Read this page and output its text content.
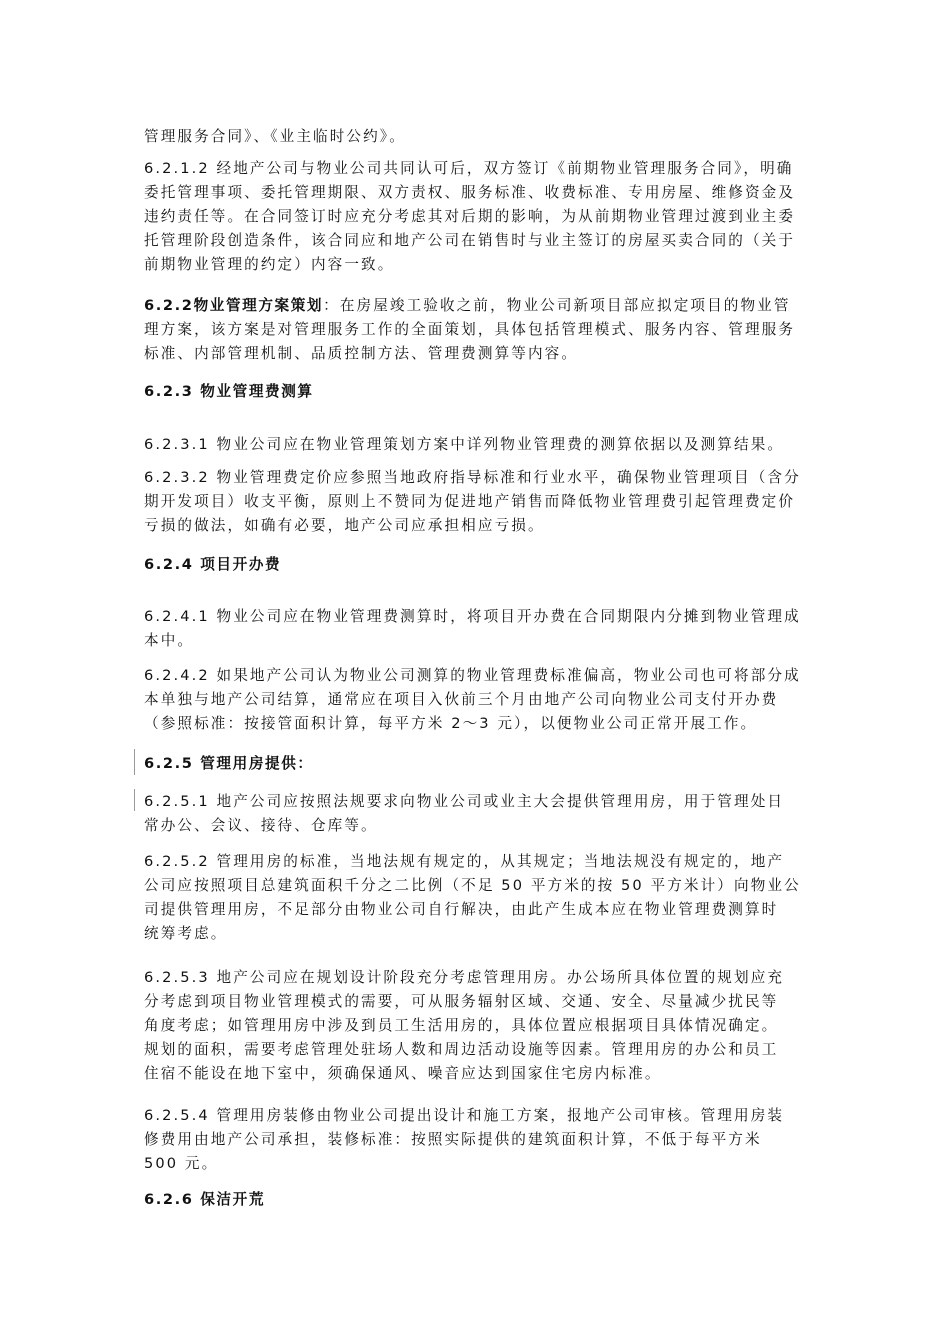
管理服务合同》、《业主临时公约》。
6.2.1.2 经地产公司与物业公司共同认可后，双方签订《前期物业管理服务合同》，明确
委托管理事项、委托管理期限、双方责权、服务标准、收费标准、专用房屋、维修资金及
违约责任等。在合同签订时应充分考虑其对后期的影响，为从前期物业管理过渡到业主委
托管理阶段创造条件，该合同应和地产公司在销售时与业主签订的房屋买卖合同的（关于
前期物业管理的约定）内容一致。
6.2.2物业管理方案策划：在房屋竣工验收之前，物业公司新项目部应拟定项目的物业管
理方案，该方案是对管理服务工作的全面策划，具体包括管理模式、服务内容、管理服务
标准、内部管理机制、品质控制方法、管理费测算等内容。
6.2.3 物业管理费测算
6.2.3.1 物业公司应在物业管理策划方案中详列物业管理费的测算依据以及测算结果。
6.2.3.2 物业管理费定价应参照当地政府指导标准和行业水平，确保物业管理项目（含分
期开发项目）收支平衡，原则上不赞同为促进地产销售而降低物业管理费引起管理费定价
亏损的做法，如确有必要，地产公司应承担相应亏损。
6.2.4 项目开办费
6.2.4.1 物业公司应在物业管理费测算时，将项目开办费在合同期限内分摊到物业管理成
本中。
6.2.4.2 如果地产公司认为物业公司测算的物业管理费标准偏高，物业公司也可将部分成
本单独与地产公司结算，通常应在项目入伙前三个月由地产公司向物业公司支付开办费
（参照标准：按接管面积计算，每平方米 2～3 元），以便物业公司正常开展工作。
6.2.5 管理用房提供：
6.2.5.1 地产公司应按照法规要求向物业公司或业主大会提供管理用房，用于管理处日
常办公、会议、接待、仓库等。
6.2.5.2 管理用房的标准，当地法规有规定的，从其规定；当地法规没有规定的，地产
公司应按照项目总建筑面积千分之二比例（不足 50 平方米的按 50 平方米计）向物业公
司提供管理用房，不足部分由物业公司自行解决，由此产生成本应在物业管理费测算时
统筹考虑。
6.2.5.3 地产公司应在规划设计阶段充分考虑管理用房。办公场所具体位置的规划应充
分考虑到项目物业管理模式的需要，可从服务辐射区域、交通、安全、尽量减少扰民等
角度考虑；如管理用房中涉及到员工生活用房的，具体位置应根据项目具体情况确定。
规划的面积，需要考虑管理处驻场人数和周边活动设施等因素。管理用房的办公和员工
住宿不能设在地下室中，须确保通风、噪音应达到国家住宅房内标准。
6.2.5.4 管理用房装修由物业公司提出设计和施工方案，报地产公司审核。管理用房装
修费用由地产公司承担，装修标准：按照实际提供的建筑面积计算，不低于每平方米
500 元。
6.2.6 保洁开荒
